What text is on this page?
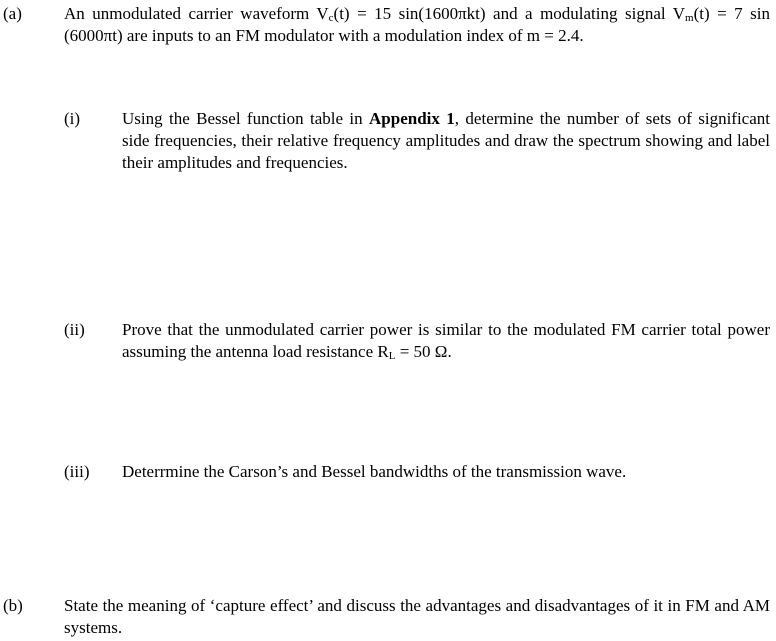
(a) An unmodulated carrier waveform $V_c(t) = 15$ sin(1600πkt) and a modulating signal $V_m(t) = 7$ sin (6000πt) are inputs to an FM modulator with a modulation index of m = 2.4.
(i) Using the Bessel function table in Appendix 1, determine the number of sets of significant side frequencies, their relative frequency amplitudes and draw the spectrum showing and label their amplitudes and frequencies.
(ii) Prove that the unmodulated carrier power is similar to the modulated FM carrier total power assuming the antenna load resistance $R_L = 50$ Ω.
(iii) Deterrmine the Carson’s and Bessel bandwidths of the transmission wave.
(b) State the meaning of ‘capture effect’ and discuss the advantages and disadvantages of it in FM and AM systems.
